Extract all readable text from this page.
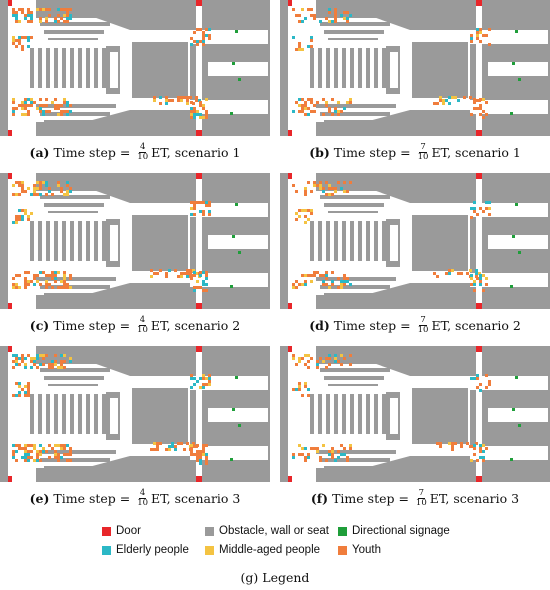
(a)
Time step =
$\frac{4}{10}$ ET,
scenario 1	(b)
Time step =
$\frac{7}{10}$ ET,
scenario 1
(c)
Time step =
$\frac{4}{10}$ ET,
scenario 2	(d)
Time step =
$\frac{7}{10}$ ET,
scenario 2
(e)
Time step =
$\frac{4}{10}$ ET,
scenario 3	(f)
Time step =
$\frac{7}{10}$ ET,
scenario 3
Door	Obstacle, wall or seat Directional signage
Elderly people	Middle-aged people	Youth
(g) Legend
